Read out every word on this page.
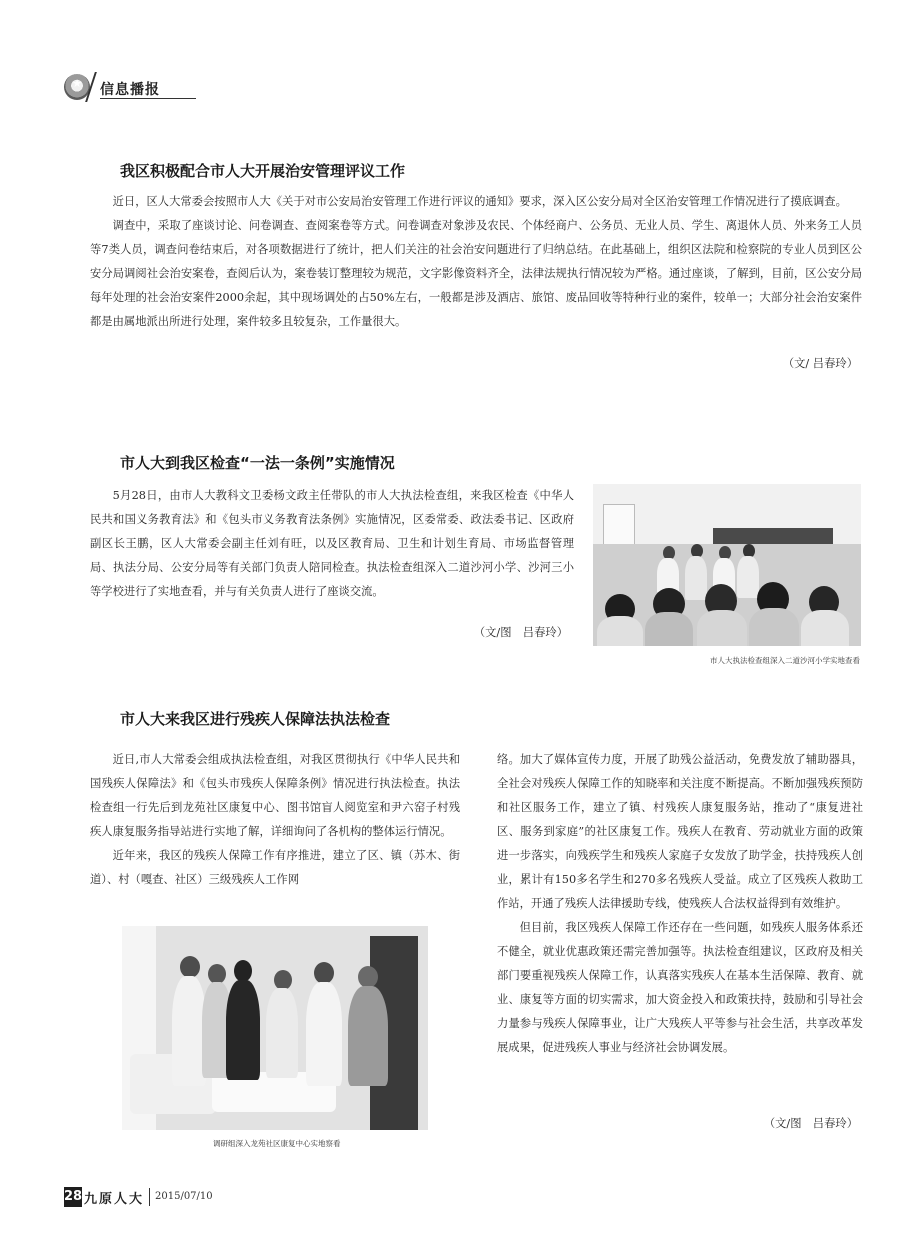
★ 信息播报
我区积极配合市人大开展治安管理评议工作

近日，区人大常委会按照市人大《关于对市公安局治安管理工作进行评议的通知》要求，深入区公安分局对全区治安管理工作情况进行了摸底调查。

调查中，采取了座谈讨论、问卷调查、查阅案卷等方式。问卷调查对象涉及农民、个体经商户、公务员、无业人员、学生、离退休人员、外来务工人员等7类人员，调查问卷结束后，对各项数据进行了统计，把人们关注的社会治安问题进行了归纳总结。在此基础上，组织区法院和检察院的专业人员到区公安分局调阅社会治安案卷，查阅后认为，案卷装订整理较为规范，文字影像资料齐全，法律法规执行情况较为严格。通过座谈，了解到，目前，区公安分局每年处理的社会治安案件2000余起，其中现场调处的占50%左右，一般都是涉及酒店、旅馆、废品回收等特种行业的案件，较单一；大部分社会治安案件都是由属地派出所进行处理，案件较多且较复杂，工作量很大。

（文/ 吕春玲）
市人大到我区检查“一法一条例”实施情况

5月28日，由市人大教科文卫委杨文政主任带队的市人大执法检查组，来我区检查《中华人民共和国义务教育法》和《包头市义务教育法条例》实施情况，区委常委、政法委书记、区政府副区长王鹏，区人大常委会副主任刘有旺，以及区教育局、卫生和计划生育局、市场监督管理局、执法分局、公安分局等有关部门负责人陪同检查。执法检查组深入二道沙河小学、沙河三小等学校进行了实地查看，并与有关负责人进行了座谈交流。

（文/图　吕春玲）
市人大执法检查组深入二道沙河小学实地查看
市人大来我区进行残疾人保障法执法检查

近日,市人大常委会组成执法检查组，对我区贯彻执行《中华人民共和国残疾人保障法》和《包头市残疾人保障条例》情况进行执法检查。执法检查组一行先后到龙苑社区康复中心、图书馆盲人阅览室和尹六窑子村残疾人康复服务指导站进行实地了解，详细询问了各机构的整体运行情况。

近年来，我区的残疾人保障工作有序推进，建立了区、镇（苏木、街道）、村（嘎查、社区）三级残疾人工作网

络。加大了媒体宣传力度，开展了助残公益活动，免费发放了辅助器具，全社会对残疾人保障工作的知晓率和关注度不断提高。不断加强残疾预防和社区服务工作，建立了镇、村残疾人康复服务站，推动了“康复进社区、服务到家庭”的社区康复工作。残疾人在教育、劳动就业方面的政策进一步落实，向残疾学生和残疾人家庭子女发放了助学金，扶持残疾人创业，累计有150多名学生和270多名残疾人受益。成立了区残疾人救助工作站，开通了残疾人法律援助专线，使残疾人合法权益得到有效维护。

但目前，我区残疾人保障工作还存在一些问题，如残疾人服务体系还不健全，就业优惠政策还需完善加强等。执法检查组建议，区政府及相关部门要重视残疾人保障工作，认真落实残疾人在基本生活保障、教育、就业、康复等方面的切实需求，加大资金投入和政策扶持，鼓励和引导社会力量参与残疾人保障事业，让广大残疾人平等参与社会生活，共享改革发展成果，促进残疾人事业与经济社会协调发展。

（文/图　吕春玲）
调研组深入龙苑社区康复中心实地察看
28 九原人大 2015/07/10
